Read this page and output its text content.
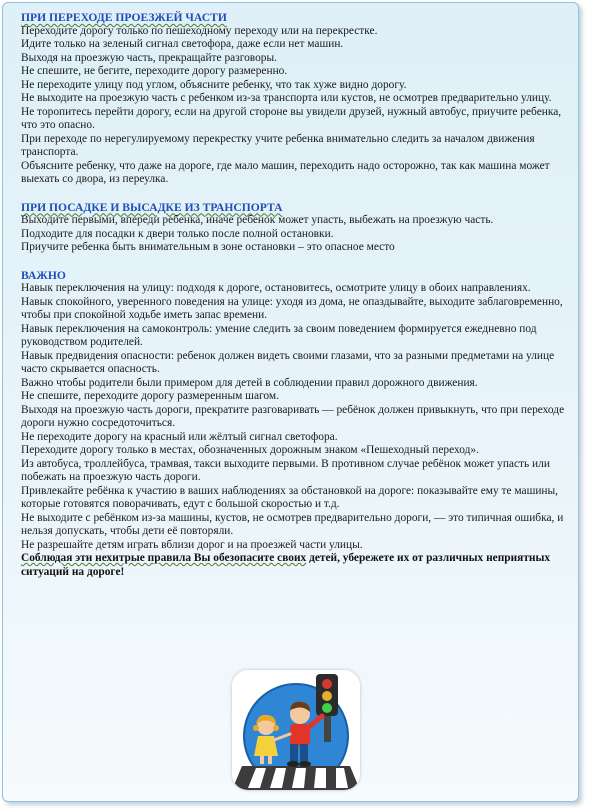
ПРИ ПЕРЕХОДЕ ПРОЕЗЖЕЙ ЧАСТИ

Переходите дорогу только по пешеходному переходу или на перекрестке.

Идите только на зеленый сигнал светофора, даже если нет машин.

Выходя на проезжую часть, прекращайте разговоры.

Не спешите, не бегите, переходите дорогу размеренно.

Не переходите улицу под углом, объясните ребенку, что так хуже видно дорогу.

Не выходите на проезжую часть с ребенком из-за транспорта или кустов, не осмотрев предварительно улицу.

Не торопитесь перейти дорогу, если на другой стороне вы увидели друзей, нужный автобус, приучите ребенка, что это опасно.

При переходе по нерегулируемому перекрестку учите ребенка внимательно следить за началом движения транспорта.

Объясните ребенку, что даже на дороге, где мало машин, переходить надо осторожно, так как машина может выехать со двора, из переулка.

ПРИ ПОСАДКЕ И ВЫСАДКЕ ИЗ ТРАНСПОРТА

Выходите первыми, впереди ребенка, иначе ребенок может упасть, выбежать на проезжую часть.

Подходите для посадки к двери только после полной остановки.

Приучите ребенка быть внимательным в зоне остановки – это опасное место

ВАЖНО

Навык переключения на улицу: подходя к дороге, остановитесь, осмотрите улицу в обоих направлениях.

Навык спокойного, уверенного поведения на улице: уходя из дома, не опаздывайте, выходите заблаговременно, чтобы при спокойной ходьбе иметь запас времени.

Навык переключения на самоконтроль: умение следить за своим поведением формируется ежедневно под руководством родителей.

Навык предвидения опасности: ребенок должен видеть своими глазами, что за разными предметами на улице часто скрывается опасность.

Важно чтобы родители были примером для детей в соблюдении правил дорожного движения.

Не спешите, переходите дорогу размеренным шагом.

Выходя на проезжую часть дороги, прекратите разговаривать — ребёнок должен привыкнуть, что при переходе дороги нужно сосредоточиться.

Не переходите дорогу на красный или жёлтый сигнал светофора.

Переходите дорогу только в местах, обозначенных дорожным знаком «Пешеходный переход».

Из автобуса, троллейбуса, трамвая, такси выходите первыми. В противном случае ребёнок может упасть или побежать на проезжую часть дороги.

Привлекайте ребёнка к участию в ваших наблюдениях за обстановкой на дороге: показывайте ему те машины, которые готовятся поворачивать, едут с большой скоростью и т.д.

Не выходите с ребёнком из-за машины, кустов, не осмотрев предварительно дороги, — это типичная ошибка, и нельзя допускать, чтобы дети её повторяли.

Не разрешайте детям играть вблизи дорог и на проезжей части улицы.

Соблюдая эти нехитрые правила Вы обезопасите своих детей, убережете их от различных неприятных ситуаций на дороге!
